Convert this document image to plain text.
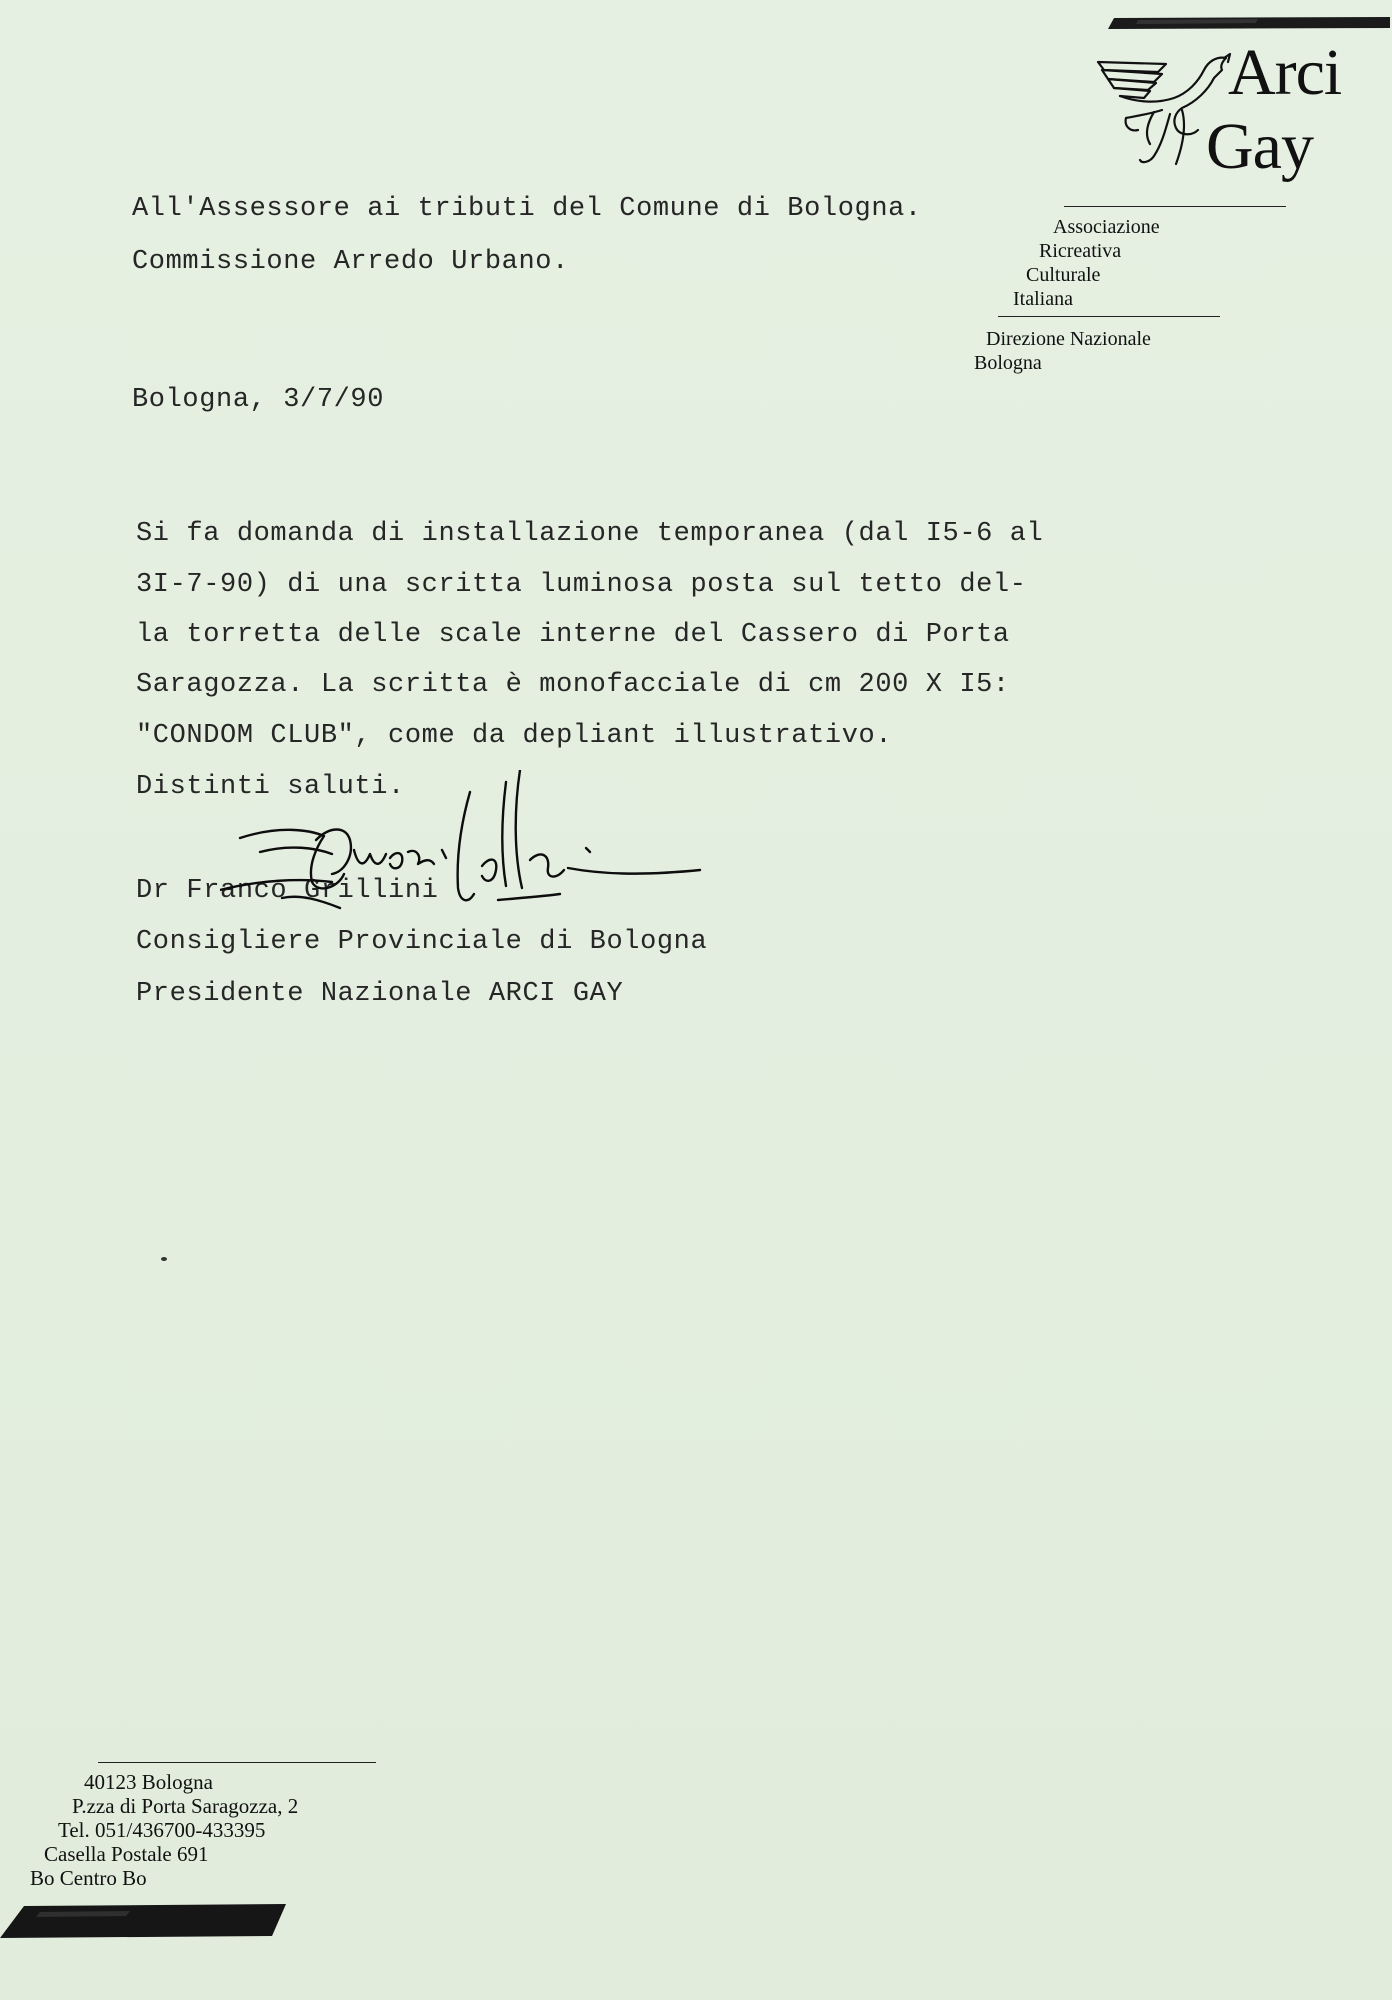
Arci
Gay
Associazione
Ricreativa
Culturale
Italiana
Direzione Nazionale
Bologna
All'Assessore ai tributi del Comune di Bologna.
Commissione Arredo Urbano.
Bologna, 3/7/90
Si fa domanda di installazione temporanea (dal I5-6 al
3I-7-90) di una scritta luminosa posta sul tetto del-
la torretta delle scale interne del Cassero di Porta
Saragozza. La scritta è monofacciale di cm 200 X I5:
"CONDOM CLUB", come da depliant illustrativo.
Distinti saluti.
Dr Franco Grillini
Consigliere Provinciale di Bologna
Presidente Nazionale ARCI GAY
40123 Bologna
P.zza di Porta Saragozza, 2
Tel. 051/436700-433395
Casella Postale 691
Bo Centro Bo
